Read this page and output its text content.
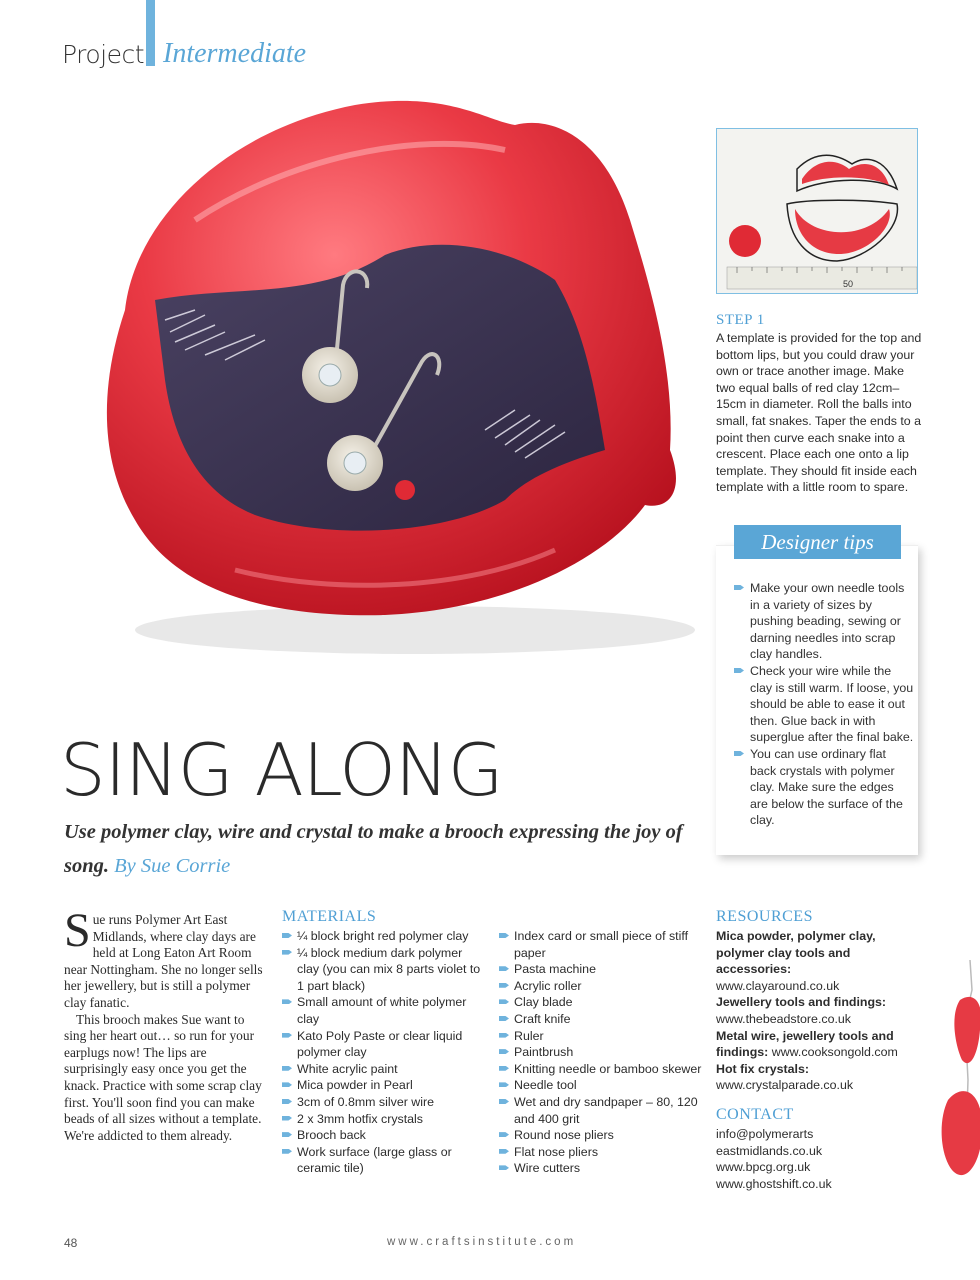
Project Intermediate
50
STEP 1
A template is provided for the top and bottom lips, but you could draw your own or trace another image. Make two equal balls of red clay 12cm–15cm in diameter. Roll the balls into small, fat snakes. Taper the ends to a point then curve each snake into a crescent. Place each one onto a lip template. They should fit inside each template with a little room to spare.
Designer tips
Make your own needle tools in a variety of sizes by pushing beading, sewing or darning needles into scrap clay handles.
Check your wire while the clay is still warm. If loose, you should be able to ease it out then. Glue back in with superglue after the final bake.
You can use ordinary flat back crystals with polymer clay. Make sure the edges are below the surface of the clay.
SING ALONG
Use polymer clay, wire and crystal to make a brooch expressing the joy of song. By Sue Corrie

Sue runs Polymer Art East Midlands, where clay days are held at Long Eaton Art Room near Nottingham. She no longer sells her jewellery, but is still a polymer clay fanatic.

This brooch makes Sue want to sing her heart out… so run for your earplugs now! The lips are surprisingly easy once you get the knack. Practice with some scrap clay first. You'll soon find you can make beads of all sizes without a template. We're addicted to them already.

MATERIALS
¼ block bright red polymer clay
¼ block medium dark polymer clay (you can mix 8 parts violet to 1 part black)
Small amount of white polymer clay
Kato Poly Paste or clear liquid polymer clay
White acrylic paint
Mica powder in Pearl
3cm of 0.8mm silver wire
2 x 3mm hotfix crystals
Brooch back
Work surface (large glass or ceramic tile)
Index card or small piece of stiff paper
Pasta machine
Acrylic roller
Clay blade
Craft knife
Ruler
Paintbrush
Knitting needle or bamboo skewer
Needle tool
Wet and dry sandpaper – 80, 120 and 400 grit
Round nose pliers
Flat nose pliers
Wire cutters
RESOURCES
Mica powder, polymer clay, polymer clay tools and accessories:
www.clayaround.co.uk
Jewellery tools and findings:
www.thebeadstore.co.uk
Metal wire, jewellery tools and findings: www.cooksongold.com
Hot fix crystals:
www.crystalparade.co.uk
CONTACT
info@polymerarts
eastmidlands.co.uk
www.bpcg.org.uk
www.ghostshift.co.uk
48	www.craftsinstitute.com
